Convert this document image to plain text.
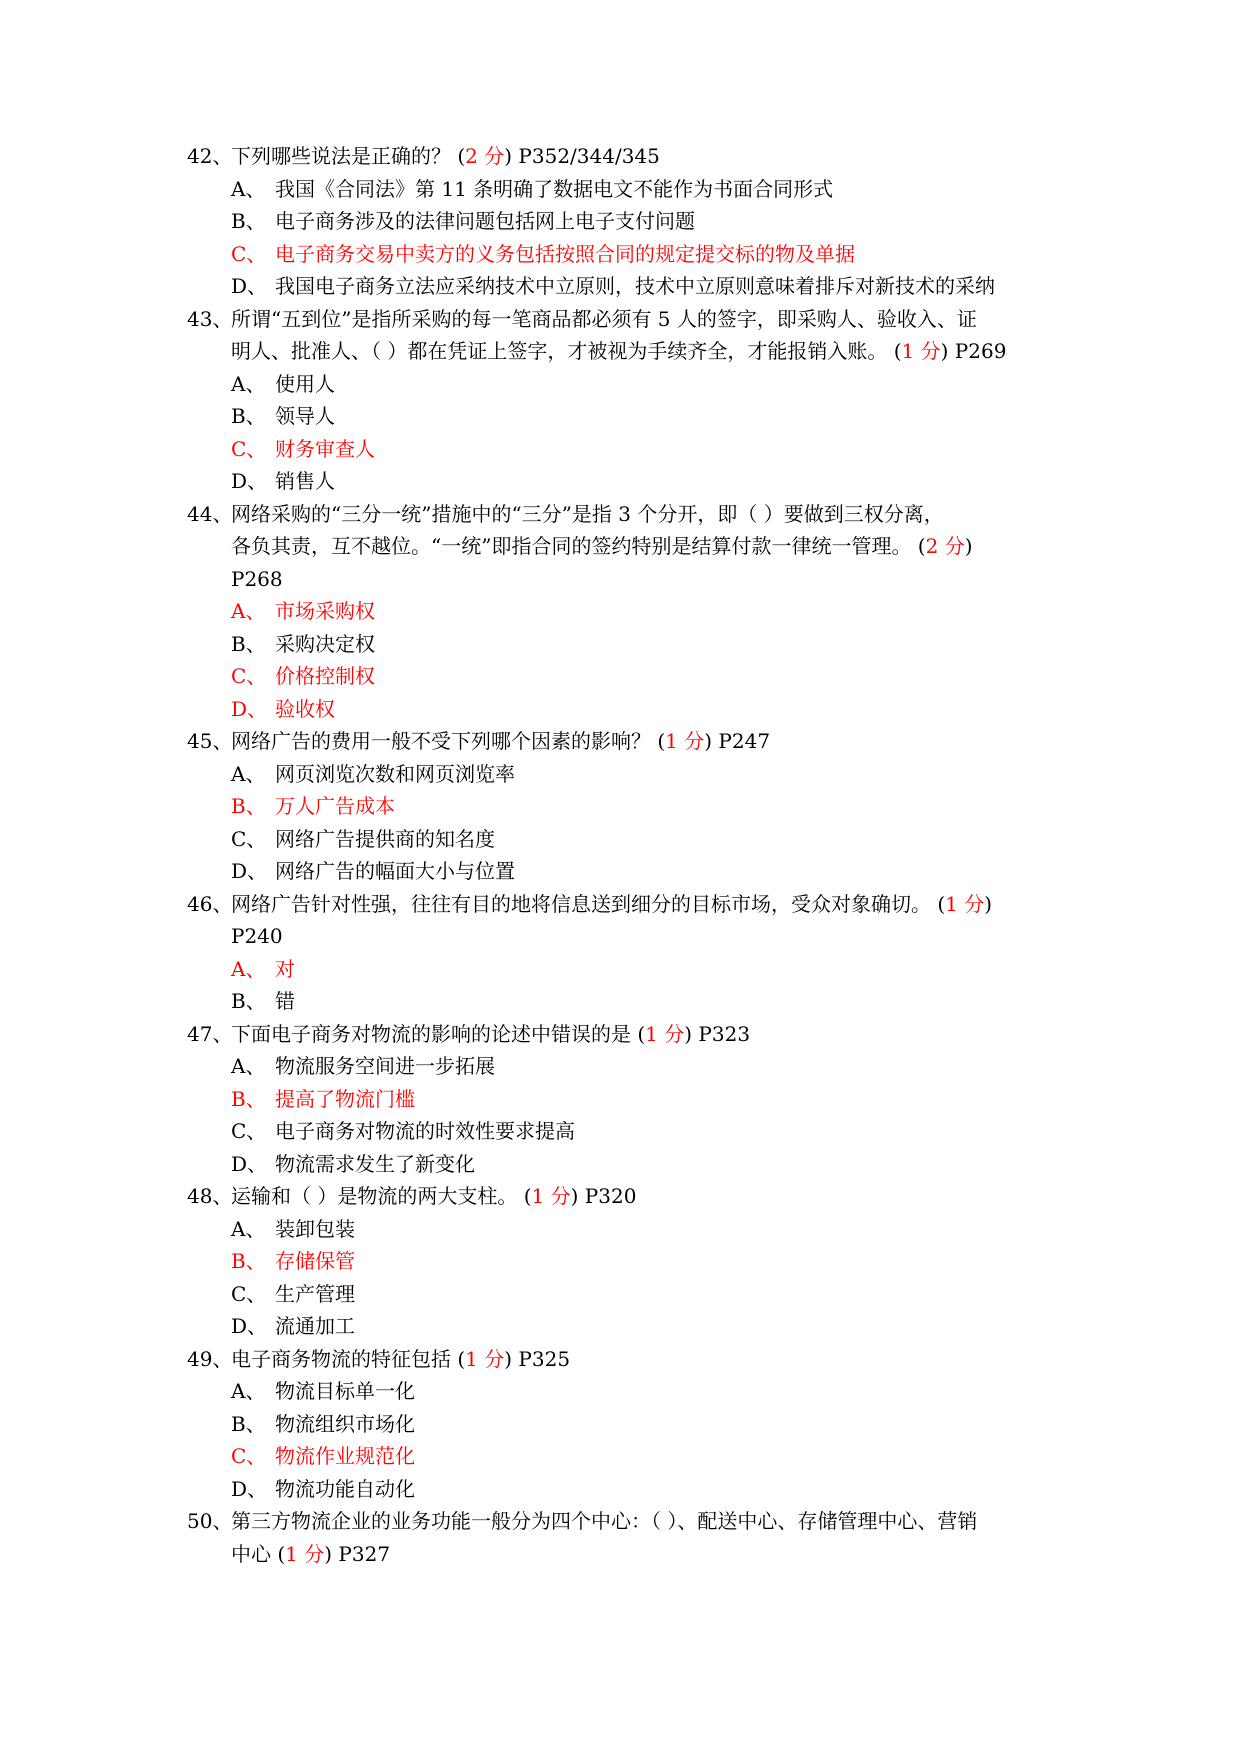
42、
下列哪些说法是正确的？ (2 分) P352/344/345
A、 我国《合同法》第 11 条明确了数据电文不能作为书面合同形式
B、 电子商务涉及的法律问题包括网上电子支付问题
C、 电子商务交易中卖方的义务包括按照合同的规定提交标的物及单据
D、 我国电子商务立法应采纳技术中立原则，技术中立原则意味着排斥对新技术的采纳
43、
所谓“五到位”是指所采购的每一笔商品都必须有 5 人的签字，即采购人、验收入、证
明人、批准人、（ ）都在凭证上签字，才被视为手续齐全，才能报销入账。 (1 分) P269
A、 使用人
B、 领导人
C、 财务审查人
D、 销售人
44、
网络采购的“三分一统”措施中的“三分”是指 3 个分开，即（ ）要做到三权分离，
各负其责，互不越位。“一统”即指合同的签约特别是结算付款一律统一管理。 (2 分)
P268
A、 市场采购权
B、 采购决定权
C、 价格控制权
D、 验收权
45、
网络广告的费用一般不受下列哪个因素的影响？ (1 分) P247
A、 网页浏览次数和网页浏览率
B、 万人广告成本
C、 网络广告提供商的知名度
D、 网络广告的幅面大小与位置
46、
网络广告针对性强，往往有目的地将信息送到细分的目标市场，受众对象确切。 (1 分)
P240
A、 对
B、 错
47、
下面电子商务对物流的影响的论述中错误的是 (1 分) P323
A、 物流服务空间进一步拓展
B、 提高了物流门槛
C、 电子商务对物流的时效性要求提高
D、 物流需求发生了新变化
48、
运输和（ ）是物流的两大支柱。 (1 分) P320
A、 装卸包装
B、 存储保管
C、 生产管理
D、 流通加工
49、
电子商务物流的特征包括 (1 分) P325
A、 物流目标单一化
B、 物流组织市场化
C、 物流作业规范化
D、 物流功能自动化
50、
第三方物流企业的业务功能一般分为四个中心：（ ）、配送中心、存储管理中心、营销
中心 (1 分) P327
